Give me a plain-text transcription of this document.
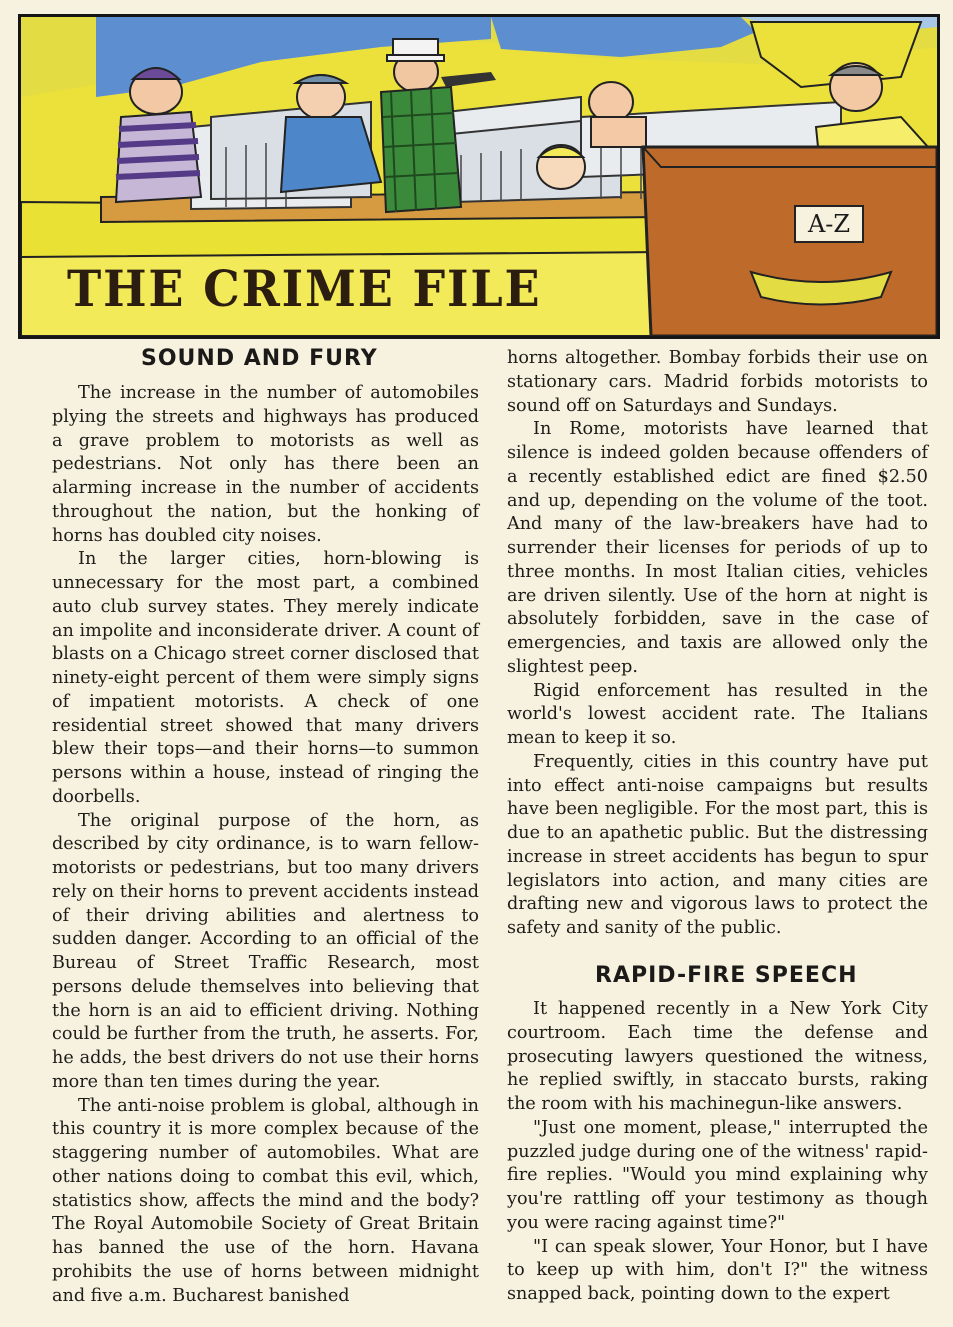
THE CRIME FILE
A-Z
SOUND AND FURY

The increase in the number of automobiles plying the streets and highways has produced a grave problem to motorists as well as pedestrians. Not only has there been an alarming increase in the number of accidents throughout the nation, but the honking of horns has doubled city noises.

In the larger cities, horn-blowing is unnecessary for the most part, a combined auto club survey states. They merely indicate an impolite and inconsiderate driver. A count of blasts on a Chicago street corner disclosed that ninety-eight percent of them were simply signs of impatient motorists. A check of one residential street showed that many drivers blew their tops—and their horns—to summon persons within a house, instead of ringing the doorbells.

The original purpose of the horn, as described by city ordinance, is to warn fellow-motorists or pedestrians, but too many drivers rely on their horns to prevent accidents instead of their driving abilities and alertness to sudden danger. According to an official of the Bureau of Street Traffic Research, most persons delude themselves into believing that the horn is an aid to efficient driving. Nothing could be further from the truth, he asserts. For, he adds, the best drivers do not use their horns more than ten times during the year.

The anti-noise problem is global, although in this country it is more complex because of the staggering number of automobiles. What are other nations doing to combat this evil, which, statistics show, affects the mind and the body? The Royal Automobile Society of Great Britain has banned the use of the horn. Havana prohibits the use of horns between midnight and five a.m. Bucharest banished

horns altogether. Bombay forbids their use on stationary cars. Madrid forbids motorists to sound off on Saturdays and Sundays.

In Rome, motorists have learned that silence is indeed golden because offenders of a recently established edict are fined $2.50 and up, depending on the volume of the toot. And many of the law-breakers have had to surrender their licenses for periods of up to three months. In most Italian cities, vehicles are driven silently. Use of the horn at night is absolutely forbidden, save in the case of emergencies, and taxis are allowed only the slightest peep.

Rigid enforcement has resulted in the world's lowest accident rate. The Italians mean to keep it so.

Frequently, cities in this country have put into effect anti-noise campaigns but results have been negligible. For the most part, this is due to an apathetic public. But the distressing increase in street accidents has begun to spur legislators into action, and many cities are drafting new and vigorous laws to protect the safety and sanity of the public.

RAPID-FIRE SPEECH

It happened recently in a New York City courtroom. Each time the defense and prosecuting lawyers questioned the witness, he replied swiftly, in staccato bursts, raking the room with his machinegun-like answers.

"Just one moment, please," interrupted the puzzled judge during one of the witness' rapid-fire replies. "Would you mind explaining why you're rattling off your testimony as though you were racing against time?"

"I can speak slower, Your Honor, but I have to keep up with him, don't I?" the witness snapped back, pointing down to the expert
